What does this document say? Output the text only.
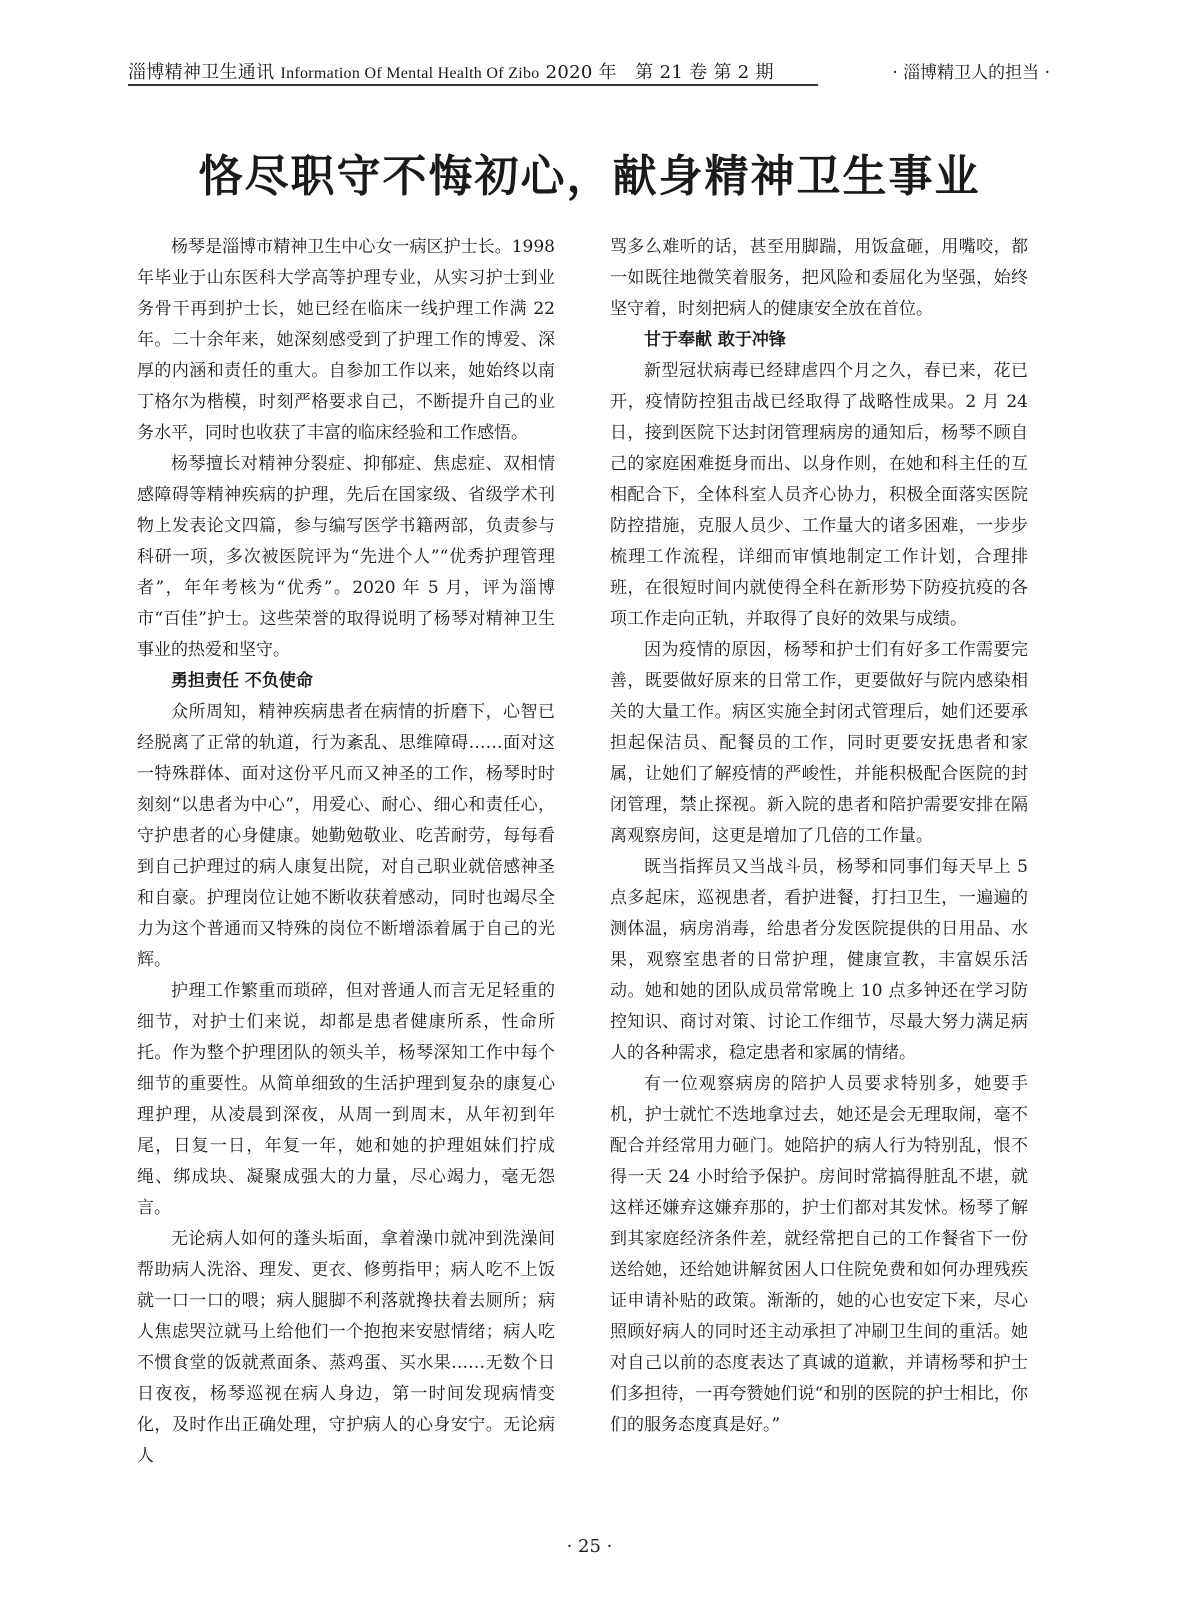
淄博精神卫生通讯 Information Of Mental Health Of Zibo 2020 年　第 21 卷 第 2 期	· 淄博精卫人的担当 ·
恪尽职守不悔初心，献身精神卫生事业

杨琴是淄博市精神卫生中心女一病区护士长。1998 年毕业于山东医科大学高等护理专业，从实习护士到业务骨干再到护士长，她已经在临床一线护理工作满 22 年。二十余年来，她深刻感受到了护理工作的博爱、深厚的内涵和责任的重大。自参加工作以来，她始终以南丁格尔为楷模，时刻严格要求自己，不断提升自己的业务水平，同时也收获了丰富的临床经验和工作感悟。

杨琴擅长对精神分裂症、抑郁症、焦虑症、双相情感障碍等精神疾病的护理，先后在国家级、省级学术刊物上发表论文四篇，参与编写医学书籍两部，负责参与科研一项，多次被医院评为“先进个人”“优秀护理管理者”，年年考核为“优秀”。2020 年 5 月，评为淄博市“百佳”护士。这些荣誉的取得说明了杨琴对精神卫生事业的热爱和坚守。

勇担责任 不负使命

众所周知，精神疾病患者在病情的折磨下，心智已经脱离了正常的轨道，行为紊乱、思维障碍……面对这一特殊群体、面对这份平凡而又神圣的工作，杨琴时时刻刻“以患者为中心”，用爱心、耐心、细心和责任心，守护患者的心身健康。她勤勉敬业、吃苦耐劳，每每看到自己护理过的病人康复出院，对自己职业就倍感神圣和自豪。护理岗位让她不断收获着感动，同时也竭尽全力为这个普通而又特殊的岗位不断增添着属于自己的光辉。

护理工作繁重而琐碎，但对普通人而言无足轻重的细节，对护士们来说，却都是患者健康所系，性命所托。作为整个护理团队的领头羊，杨琴深知工作中每个细节的重要性。从简单细致的生活护理到复杂的康复心理护理，从凌晨到深夜，从周一到周末，从年初到年尾，日复一日，年复一年，她和她的护理姐妹们拧成绳、绑成块、凝聚成强大的力量，尽心竭力，毫无怨言。

无论病人如何的蓬头垢面，拿着澡巾就冲到洗澡间帮助病人洗浴、理发、更衣、修剪指甲；病人吃不上饭就一口一口的喂；病人腿脚不利落就搀扶着去厕所；病人焦虑哭泣就马上给他们一个抱抱来安慰情绪；病人吃不惯食堂的饭就煮面条、蒸鸡蛋、买水果……无数个日日夜夜，杨琴巡视在病人身边，第一时间发现病情变化，及时作出正确处理，守护病人的心身安宁。无论病人

骂多么难听的话，甚至用脚踹，用饭盒砸，用嘴咬，都一如既往地微笑着服务，把风险和委屈化为坚强，始终坚守着，时刻把病人的健康安全放在首位。

甘于奉献 敢于冲锋

新型冠状病毒已经肆虐四个月之久，春已来，花已开，疫情防控狙击战已经取得了战略性成果。2 月 24 日，接到医院下达封闭管理病房的通知后，杨琴不顾自己的家庭困难挺身而出、以身作则，在她和科主任的互相配合下，全体科室人员齐心协力，积极全面落实医院防控措施，克服人员少、工作量大的诸多困难，一步步梳理工作流程，详细而审慎地制定工作计划，合理排班，在很短时间内就使得全科在新形势下防疫抗疫的各项工作走向正轨，并取得了良好的效果与成绩。

因为疫情的原因，杨琴和护士们有好多工作需要完善，既要做好原来的日常工作，更要做好与院内感染相关的大量工作。病区实施全封闭式管理后，她们还要承担起保洁员、配餐员的工作，同时更要安抚患者和家属，让她们了解疫情的严峻性，并能积极配合医院的封闭管理，禁止探视。新入院的患者和陪护需要安排在隔离观察房间，这更是增加了几倍的工作量。

既当指挥员又当战斗员，杨琴和同事们每天早上 5 点多起床，巡视患者，看护进餐，打扫卫生，一遍遍的测体温，病房消毒，给患者分发医院提供的日用品、水果，观察室患者的日常护理，健康宣教，丰富娱乐活动。她和她的团队成员常常晚上 10 点多钟还在学习防控知识、商讨对策、讨论工作细节，尽最大努力满足病人的各种需求，稳定患者和家属的情绪。

有一位观察病房的陪护人员要求特别多，她要手机，护士就忙不迭地拿过去，她还是会无理取闹，毫不配合并经常用力砸门。她陪护的病人行为特别乱，恨不得一天 24 小时给予保护。房间时常搞得脏乱不堪，就这样还嫌弃这嫌弃那的，护士们都对其发怵。杨琴了解到其家庭经济条件差，就经常把自己的工作餐省下一份送给她，还给她讲解贫困人口住院免费和如何办理残疾证申请补贴的政策。渐渐的，她的心也安定下来，尽心照顾好病人的同时还主动承担了冲刷卫生间的重活。她对自己以前的态度表达了真诚的道歉，并请杨琴和护士们多担待，一再夸赞她们说“和别的医院的护士相比，你们的服务态度真是好。”

· 25 ·
